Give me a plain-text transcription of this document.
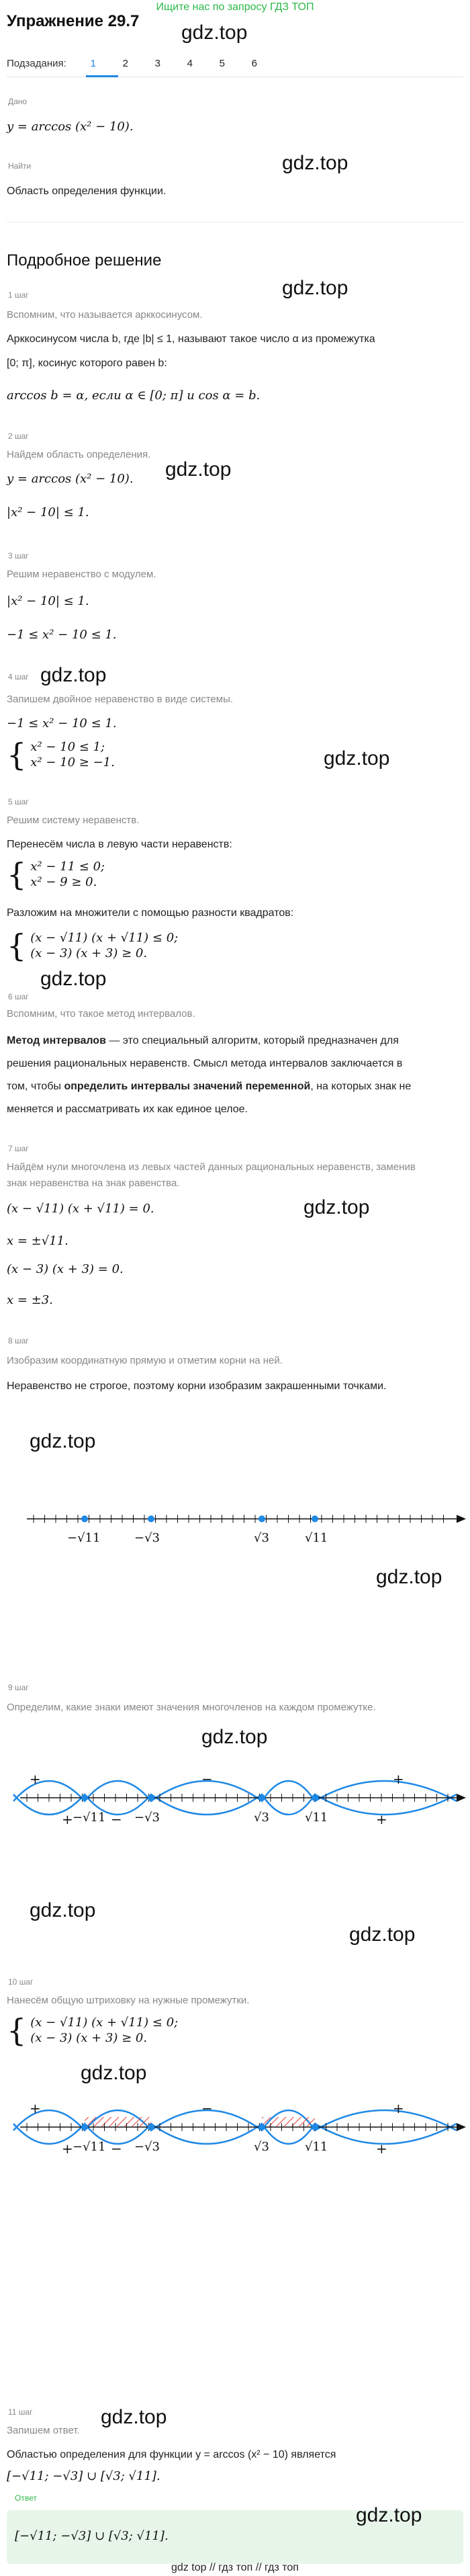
Ищите нас по запросу ГДЗ ТОП
Упражнение 29.7
Подзадания:	1	2	3	4	5	6
Дано
y = arccos (x² − 10).
Найти
Область определения функции.
gdz.top
gdz.top
Подробное решение
gdz.top
1 шаг
Вспомним, что называется арккосинусом.
Арккосинусом числа b, где |b| ≤ 1, называют такое число α из промежутка
[0; π], косинус которого равен b:
arccos b = α, если α ∈ [0; π] и cos α = b.
2 шаг
Найдем область определения.
y = arccos (x² − 10).
|x² − 10| ≤ 1.
gdz.top
3 шаг
Решим неравенство с модулем.
|x² − 10| ≤ 1.
−1 ≤ x² − 10 ≤ 1.
4 шаг gdz.top
Запишем двойное неравенство в виде системы.
−1 ≤ x² − 10 ≤ 1.
{ x² − 10 ≤ 1;
x² − 10 ≥ −1.	gdz.top
5 шаг
Решим систему неравенств.
Перенесём числа в левую части неравенств:
{ x² − 11 ≤ 0;
x² − 9 ≥ 0.
Разложим на множители с помощью разности квадратов:
{ (x − √11) (x + √11) ≤ 0;
(x − 3) (x + 3) ≥ 0.
gdz.top
6 шаг
Вспомним, что такое метод интервалов.
Метод интервалов — это специальный алгоритм, который предназначен для
решения рациональных неравенств. Смысл метода интервалов заключается в
том, чтобы определить интервалы значений переменной, на которых знак не
меняется и рассматривать их как единое целое.
7 шаг
Найдём нули многочлена из левых частей данных рациональных неравенств, заменив
знак неравенства на знак равенства.
(x − √11) (x + √11) = 0.
x = ±√11.
(x − 3) (x + 3) = 0.
x = ±3.
gdz.top
8 шаг
Изобразим координатную прямую и отметим корни на ней.
Неравенство не строгое, поэтому корни изобразим закрашенными точками.
gdz.top
−√11	−√3	√3	√11
gdz.top
9 шаг
Определим, какие знаки имеют значения многочленов на каждом промежутке.
gdz.top
+	−	+
+	−	+
−√11 −√3	√3	√11
gdz.top
gdz.top
10 шаг
Нанесём общую штриховку на нужные промежутки.
{ (x − √11) (x + √11) ≤ 0;
(x − 3) (x + 3) ≥ 0.
gdz.top
+	−	+
+	−	+
−√11 −√3	√3	√11
11 шаг	gdz.top
Запишем ответ.
Областью определения для функции y = arccos (x² − 10) является
[−√11; −√3] ∪ [√3; √11].
Ответ
[−√11; −√3] ∪ [√3; √11].
gdz.top
gdz top // гдз топ // гдз топ
